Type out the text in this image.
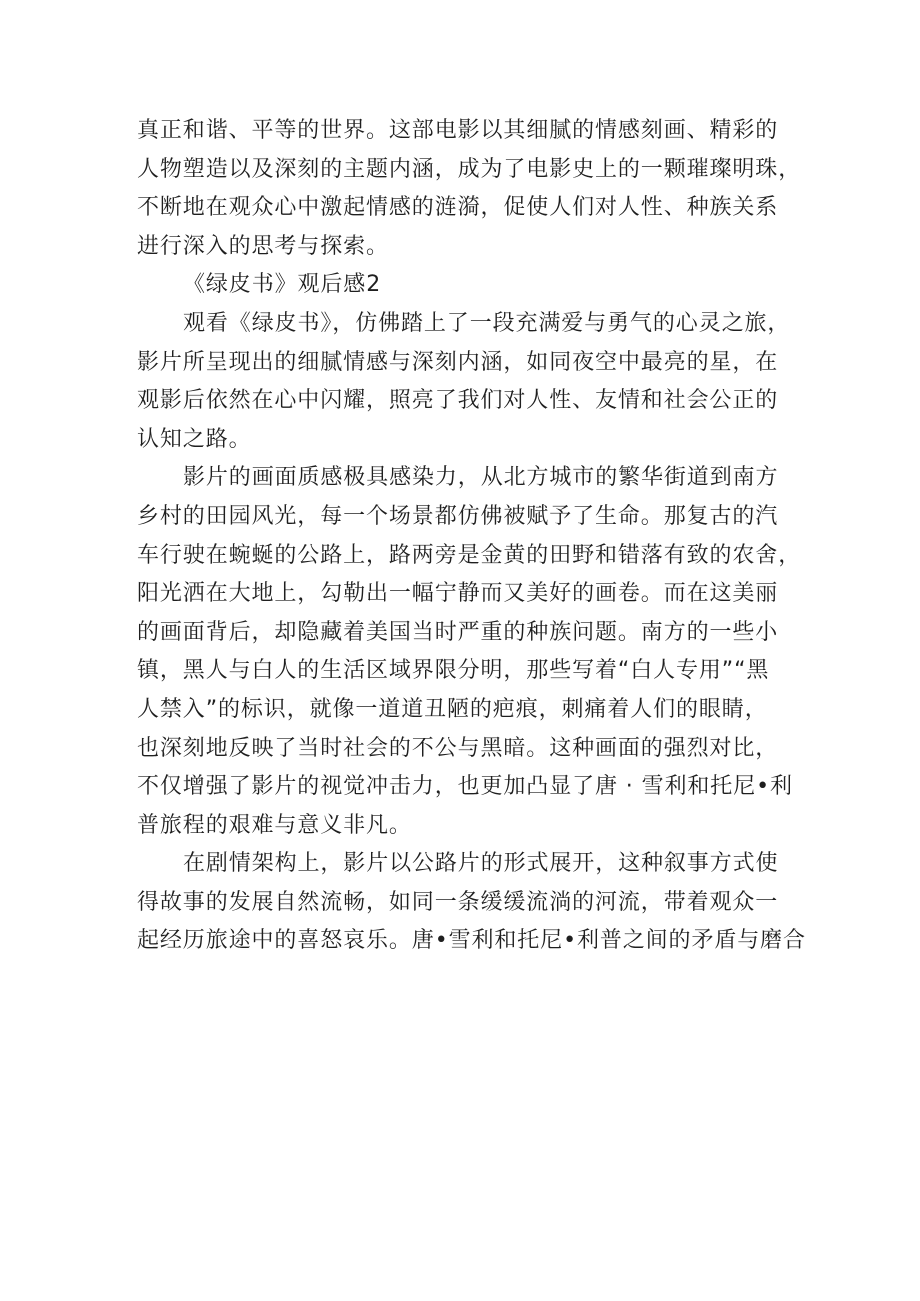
真正和谐、平等的世界。这部电影以其细腻的情感刻画、精彩的
人物塑造以及深刻的主题内涵，成为了电影史上的一颗璀璨明珠，
不断地在观众心中激起情感的涟漪，促使人们对人性、种族关系
进行深入的思考与探索。
《绿皮书》观后感2
观看《绿皮书》，仿佛踏上了一段充满爱与勇气的心灵之旅，
影片所呈现出的细腻情感与深刻内涵，如同夜空中最亮的星，在
观影后依然在心中闪耀，照亮了我们对人性、友情和社会公正的
认知之路。
影片的画面质感极具感染力，从北方城市的繁华街道到南方
乡村的田园风光，每一个场景都仿佛被赋予了生命。那复古的汽
车行驶在蜿蜒的公路上，路两旁是金黄的田野和错落有致的农舍，
阳光洒在大地上，勾勒出一幅宁静而又美好的画卷。而在这美丽
的画面背后，却隐藏着美国当时严重的种族问题。南方的一些小
镇，黑人与白人的生活区域界限分明，那些写着“白人专用”“黑
人禁入”的标识，就像一道道丑陋的疤痕，刺痛着人们的眼睛，
也深刻地反映了当时社会的不公与黑暗。这种画面的强烈对比，
不仅增强了影片的视觉冲击力，也更加凸显了唐 · 雪利和托尼•利
普旅程的艰难与意义非凡。
在剧情架构上，影片以公路片的形式展开，这种叙事方式使
得故事的发展自然流畅，如同一条缓缓流淌的河流，带着观众一
起经历旅途中的喜怒哀乐。唐•雪利和托尼•利普之间的矛盾与磨合
